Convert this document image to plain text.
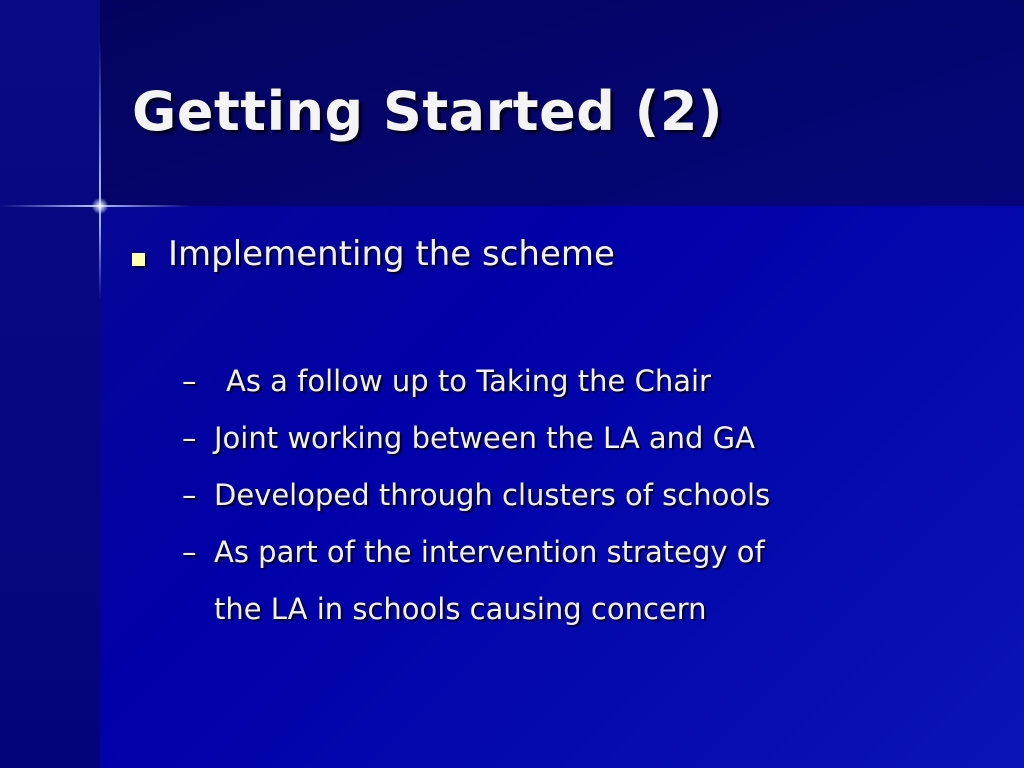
Getting Started (2)
Implementing the scheme
– As a follow up to Taking the Chair
– Joint working between the LA and GA
– Developed through clusters of schools
– As part of the intervention strategy of
the LA in schools causing concern
